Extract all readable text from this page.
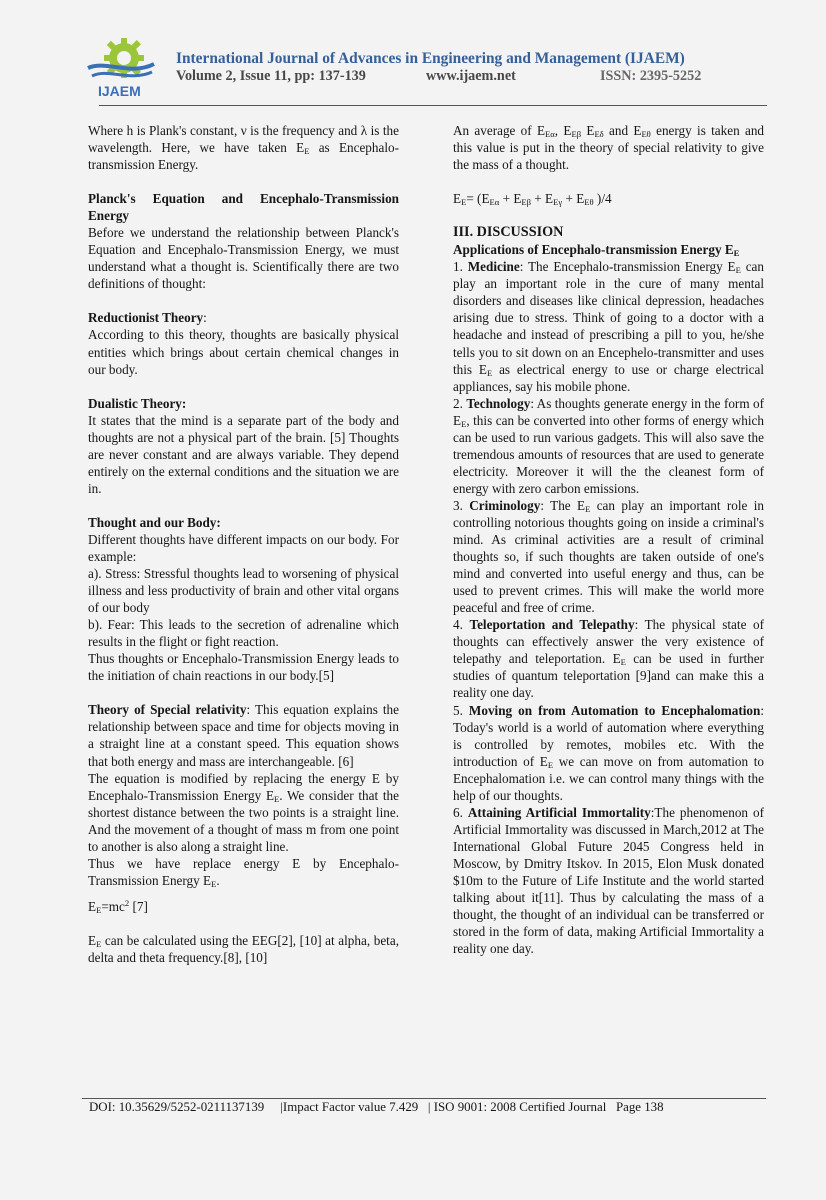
IJAEM
International Journal of Advances in Engineering and Management (IJAEM)
Volume 2, Issue 11, pp: 137-139	www.ijaem.net	ISSN: 2395-5252

Where h is Plank's constant, ν is the frequency and λ is the wavelength. Here, we have taken $E_E$ as Encephalo-transmission Energy.

Planck's Equation and Encephalo-Transmission Energy

Before we understand the relationship between Planck's Equation and Encephalo-Transmission Energy, we must understand what a thought is. Scientifically there are two definitions of thought:

Reductionist Theory:

According to this theory, thoughts are basically physical entities which brings about certain chemical changes in our body.

Dualistic Theory:

It states that the mind is a separate part of the body and thoughts are not a physical part of the brain. [5] Thoughts are never constant and are always variable. They depend entirely on the external conditions and the situation we are in.

Thought and our Body:

Different thoughts have different impacts on our body. For example:

a). Stress: Stressful thoughts lead to worsening of physical illness and less productivity of brain and other vital organs of our body

b). Fear: This leads to the secretion of adrenaline which results in the flight or fight reaction.

Thus thoughts or Encephalo-Transmission Energy leads to the initiation of chain reactions in our body.[5]

Theory of Special relativity: This equation explains the relationship between space and time for objects moving in a straight line at a constant speed. This equation shows that both energy and mass are interchangeable. [6]

The equation is modified by replacing the energy E by Encephalo-Transmission Energy $E_E$. We consider that the shortest distance between the two points is a straight line. And the movement of a thought of mass m from one point to another is also along a straight line.

Thus we have replace energy E by Encephalo-Transmission Energy $E_E$.

$E_E=mc^2$ [7]

$E_E$ can be calculated using the EEG[2], [10] at alpha, beta, delta and theta frequency.[8], [10]

An average of $E_{E\alpha}$, $E_{E\beta}$ $E_{E\delta}$ and $E_{E\theta}$ energy is taken and this value is put in the theory of special relativity to give the mass of a thought.

$E_E= (E_{E\alpha} + E_{E\beta} + E_{E\gamma} + E_{E\theta}$ )/4

III. DISCUSSION

Applications of Encephalo-transmission Energy $E_E$

1. Medicine: The Encephalo-transmission Energy $E_E$ can play an important role in the cure of many mental disorders and diseases like clinical depression, headaches arising due to stress. Think of going to a doctor with a headache and instead of prescribing a pill to you, he/she tells you to sit down on an Encephelo-transmitter and uses this $E_E$ as electrical energy to use or charge electrical appliances, say his mobile phone.

2. Technology: As thoughts generate energy in the form of $E_E$, this can be converted into other forms of energy which can be used to run various gadgets. This will also save the tremendous amounts of resources that are used to generate electricity. Moreover it will the the cleanest form of energy with zero carbon emissions.

3. Criminology: The $E_E$ can play an important role in controlling notorious thoughts going on inside a criminal's mind. As criminal activities are a result of criminal thoughts so, if such thoughts are taken outside of one's mind and converted into useful energy and thus, can be used to prevent crimes. This will make the world more peaceful and free of crime.

4. Teleportation and Telepathy: The physical state of thoughts can effectively answer the very existence of telepathy and teleportation. $E_E$ can be used in further studies of quantum teleportation [9]and can make this a reality one day.

5. Moving on from Automation to Encephalomation: Today's world is a world of automation where everything is controlled by remotes, mobiles etc. With the introduction of $E_E$ we can move on from automation to Encephalomation i.e. we can control many things with the help of our thoughts.

6. Attaining Artificial Immortality:The phenomenon of Artificial Immortality was discussed in March,2012 at The International Global Future 2045 Congress held in Moscow, by Dmitry Itskov. In 2015, Elon Musk donated $10m to the Future of Life Institute and the world started talking about it[11]. Thus by calculating the mass of a thought, the thought of an individual can be transferred or stored in the form of data, making Artificial Immortality a reality one day.

DOI: 10.35629/5252-0211137139 |Impact Factor value 7.429 | ISO 9001: 2008 Certified Journal Page 138
